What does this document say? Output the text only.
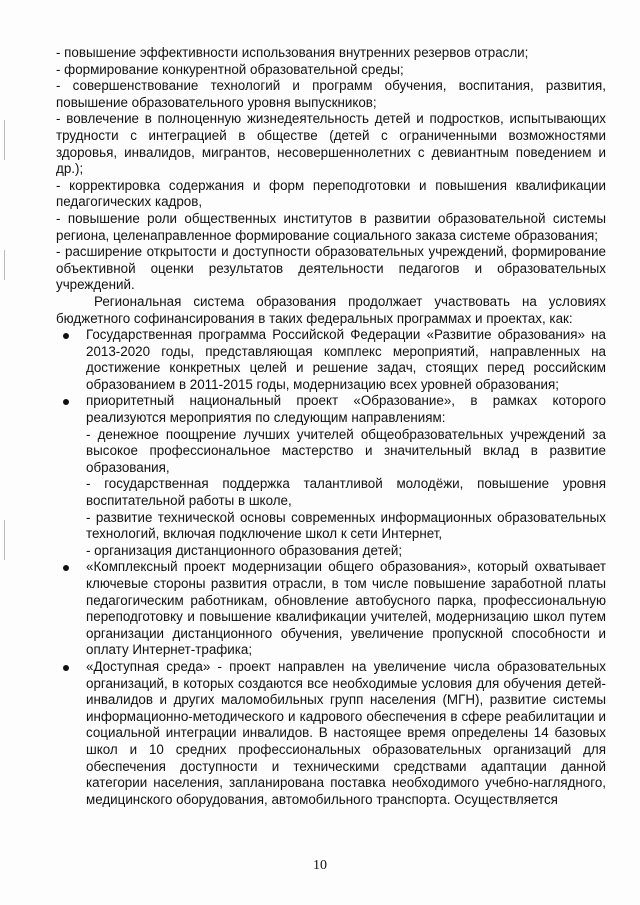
- повышение эффективности использования внутренних резервов отрасли;

- формирование конкурентной образовательной среды;

- совершенствование технологий и программ обучения, воспитания, развития, повышение образовательного уровня выпускников;

- вовлечение в полноценную жизнедеятельность детей и подростков, испытывающих трудности с интеграцией в обществе (детей с ограниченными возможностями здоровья, инвалидов, мигрантов, несовершеннолетних с девиантным поведением и др.);

- корректировка содержания и форм переподготовки и повышения квалификации педагогических кадров,

- повышение роли общественных институтов в развитии образовательной системы региона, целенаправленное формирование социального заказа системе образования;

- расширение открытости и доступности образовательных учреждений, формирование объективной оценки результатов деятельности педагогов и образовательных учреждений.

Региональная система образования продолжает участвовать на условиях бюджетного софинансирования в таких федеральных программах и проектах, как:

Государственная программа Российской Федерации «Развитие образования» на 2013-2020 годы, представляющая комплекс мероприятий, направленных на достижение конкретных целей и решение задач, стоящих перед российским образованием в 2011-2015 годы, модернизацию всех уровней образования;
приоритетный национальный проект «Образование», в рамках которого реализуются мероприятия по следующим направлениям:

- денежное поощрение лучших учителей общеобразовательных учреждений за высокое профессиональное мастерство и значительный вклад в развитие образования,

- государственная поддержка талантливой молодёжи, повышение уровня воспитательной работы в школе,

- развитие технической основы современных информационных образовательных технологий, включая подключение школ к сети Интернет,

- организация дистанционного образования детей;

«Комплексный проект модернизации общего образования», который охватывает ключевые стороны развития отрасли, в том числе повышение заработной платы педагогическим работникам, обновление автобусного парка, профессиональную переподготовку и повышение квалификации учителей, модернизацию школ путем организации дистанционного обучения, увеличение пропускной способности и оплату Интернет-трафика;
«Доступная среда» - проект направлен на увеличение числа образовательных организаций, в которых создаются все необходимые условия для обучения детей-инвалидов и других маломобильных групп населения (МГН), развитие системы информационно-методического и кадрового обеспечения в сфере реабилитации и социальной интеграции инвалидов. В настоящее время определены 14 базовых школ и 10 средних профессиональных образовательных организаций для обеспечения доступности и техническими средствами адаптации данной категории населения, запланирована поставка необходимого учебно-наглядного, медицинского оборудования, автомобильного транспорта. Осуществляется
10
